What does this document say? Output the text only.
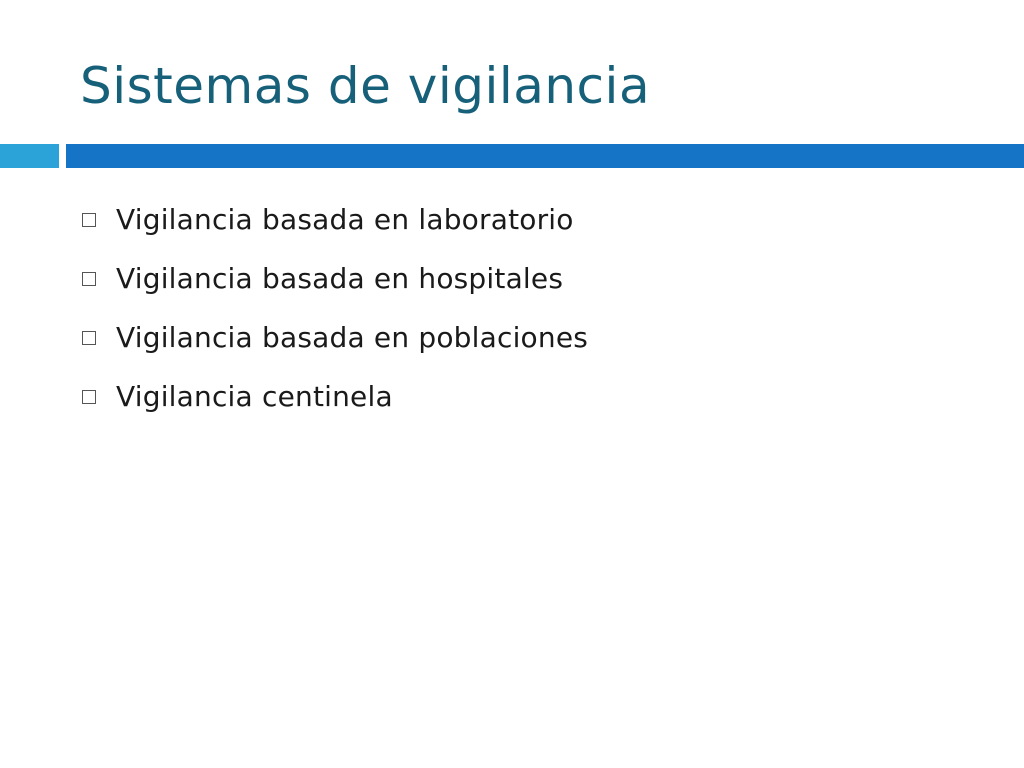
Sistemas de vigilancia
Vigilancia basada en laboratorio
Vigilancia basada en hospitales
Vigilancia basada en poblaciones
Vigilancia centinela
